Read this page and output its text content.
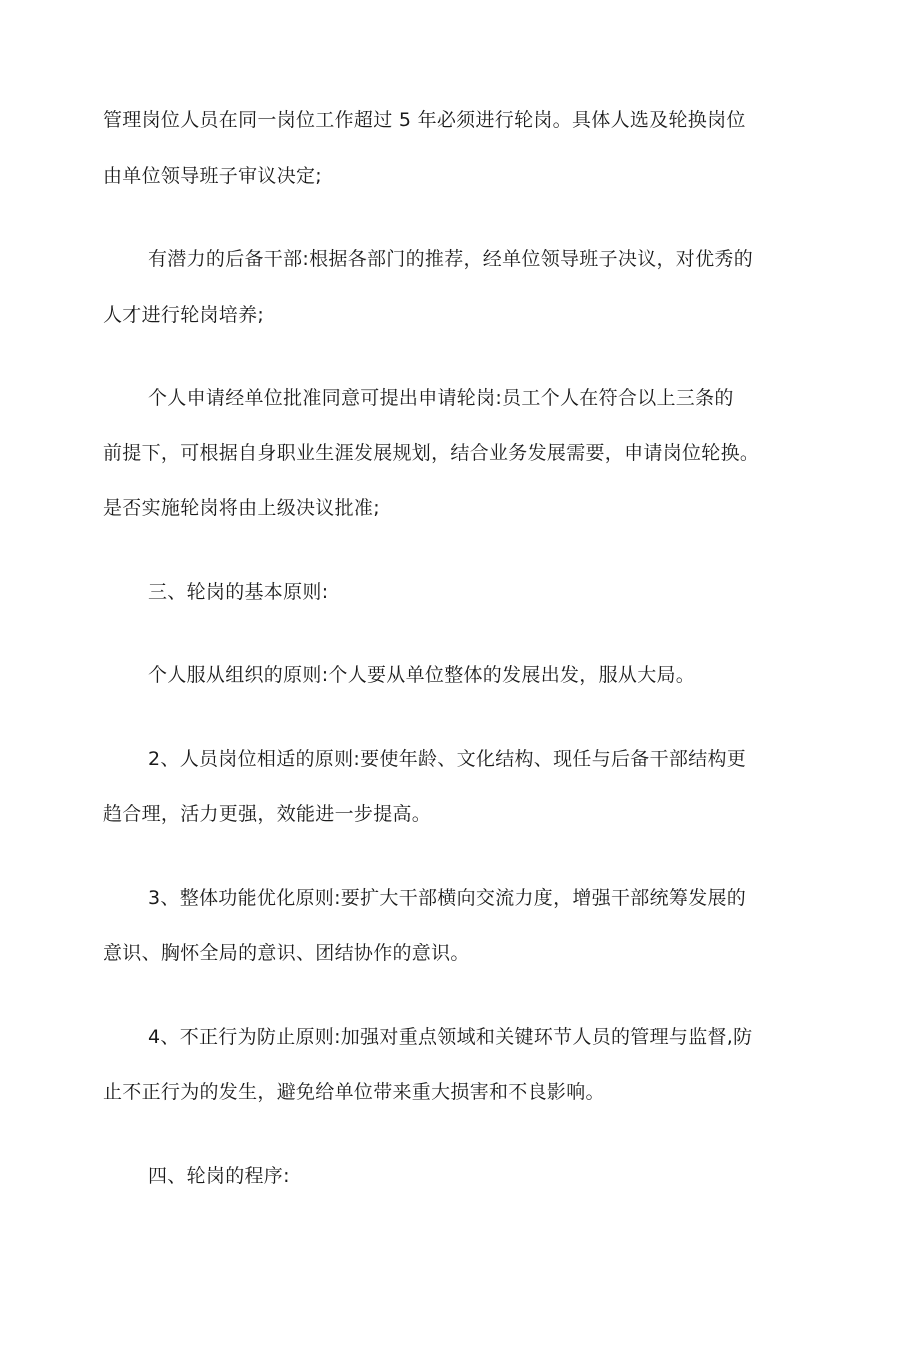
管理岗位人员在同一岗位工作超过 5 年必须进行轮岗。具体人选及轮换岗位
由单位领导班子审议决定;
有潜力的后备干部:根据各部门的推荐，经单位领导班子决议，对优秀的
人才进行轮岗培养;
个人申请经单位批准同意可提出申请轮岗:员工个人在符合以上三条的
前提下，可根据自身职业生涯发展规划，结合业务发展需要，申请岗位轮换。
是否实施轮岗将由上级决议批准;
三、轮岗的基本原则:
个人服从组织的原则:个人要从单位整体的发展出发，服从大局。
2、人员岗位相适的原则:要使年龄、文化结构、现任与后备干部结构更
趋合理，活力更强，效能进一步提高。
3、整体功能优化原则:要扩大干部横向交流力度，增强干部统筹发展的
意识、胸怀全局的意识、团结协作的意识。
4、不正行为防止原则:加强对重点领域和关键环节人员的管理与监督,防
止不正行为的发生，避免给单位带来重大损害和不良影响。
四、轮岗的程序:
